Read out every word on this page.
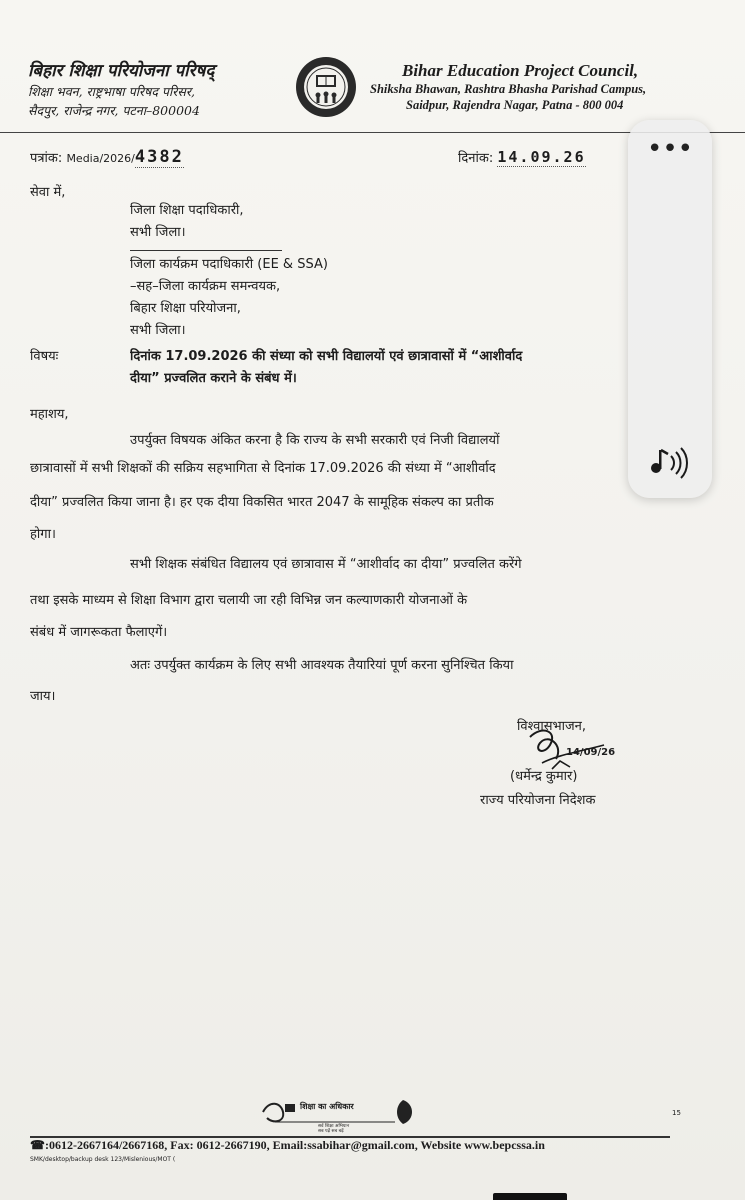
बिहार शिक्षा परियोजना परिषद्
शिक्षा भवन, राष्ट्रभाषा परिषद परिसर,
सैदपुर, राजेन्द्र नगर, पटना–800004
Bihar Education Project Council,
Shiksha Bhawan, Rashtra Bhasha Parishad Campus,
Saidpur, Rajendra Nagar, Patna - 800 004
पत्रांक: Media/2026/4382	दिनांक: 14.09.26
सेवा में,
जिला शिक्षा पदाधिकारी,
सभी जिला।
जिला कार्यक्रम पदाधिकारी (EE & SSA)
–सह–जिला कार्यक्रम समन्वयक,
बिहार शिक्षा परियोजना,
सभी जिला।
विषयः	दिनांक 17.09.2026 की संध्या को सभी विद्यालयों एवं छात्रावासों में “आशीर्वाद
दीया” प्रज्वलित कराने के संबंध में।
महाशय,
उपर्युक्त विषयक अंकित करना है कि राज्य के सभी सरकारी एवं निजी विद्यालयों
छात्रावासों में सभी शिक्षकों की सक्रिय सहभागिता से दिनांक 17.09.2026 की संध्या में “आशीर्वाद
दीया” प्रज्वलित किया जाना है। हर एक दीया विकसित भारत 2047 के सामूहिक संकल्प का प्रतीक
होगा।
सभी शिक्षक संबंधित विद्यालय एवं छात्रावास में “आशीर्वाद का दीया” प्रज्वलित करेंगे
तथा इसके माध्यम से शिक्षा विभाग द्वारा चलायी जा रही विभिन्न जन कल्याणकारी योजनाओं के
संबंध में जागरूकता फैलाएगें।
अतः उपर्युक्त कार्यक्रम के लिए सभी आवश्यक तैयारियां पूर्ण करना सुनिश्चित किया
जाय।
विश्वासभाजन,
14/09/26
(धर्मेन्द्र कुमार)
राज्य परियोजना निदेशक
शिक्षा का अधिकार
सर्व शिक्षा अभियान
सब पढ़ें सब बढ़ें
15
☎:0612-2667164/2667168, Fax: 0612-2667190, Email:ssabihar@gmail.com, Website www.bepcssa.in
SMK/desktop/backup desk 123/Mislenious/MOT (
•••
